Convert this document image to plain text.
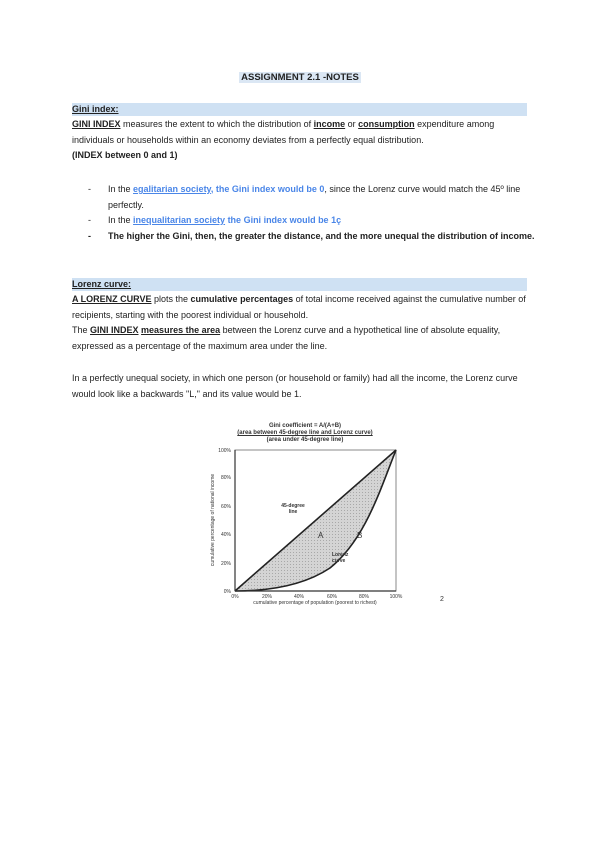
ASSIGNMENT 2.1 -NOTES
Gini index:
GINI INDEX measures the extent to which the distribution of income or consumption expenditure among individuals or households within an economy deviates from a perfectly equal distribution.
(INDEX between 0 and 1)
- In the egalitarian society, the Gini index would be 0, since the Lorenz curve would match the 45º line perfectly.
- In the inequalitarian society the Gini index would be 1ç
- The higher the Gini, then, the greater the distance, and the more unequal the distribution of income.
Lorenz curve:
A LORENZ CURVE plots the cumulative percentages of total income received against the cumulative number of recipients, starting with the poorest individual or household.
The GINI INDEX measures the area between the Lorenz curve and a hypothetical line of absolute equality, expressed as a percentage of the maximum area under the line.
In a perfectly unequal society, in which one person (or household or family) had all the income, the Lorenz curve would look like a backwards "L," and its value would be 1.
Gini coefficient = A/(A+B)
(area between 45-degree line and Lorenz curve)
(area under 45-degree line)
0%
20%
40%
60%
80%
100%
0%	20%	40%	60%	80%	100%
cumulative percentage of population (poorest to richest)
cumulative percentage of national income	45-degree
line
Lorenz
curve
A	B
2
